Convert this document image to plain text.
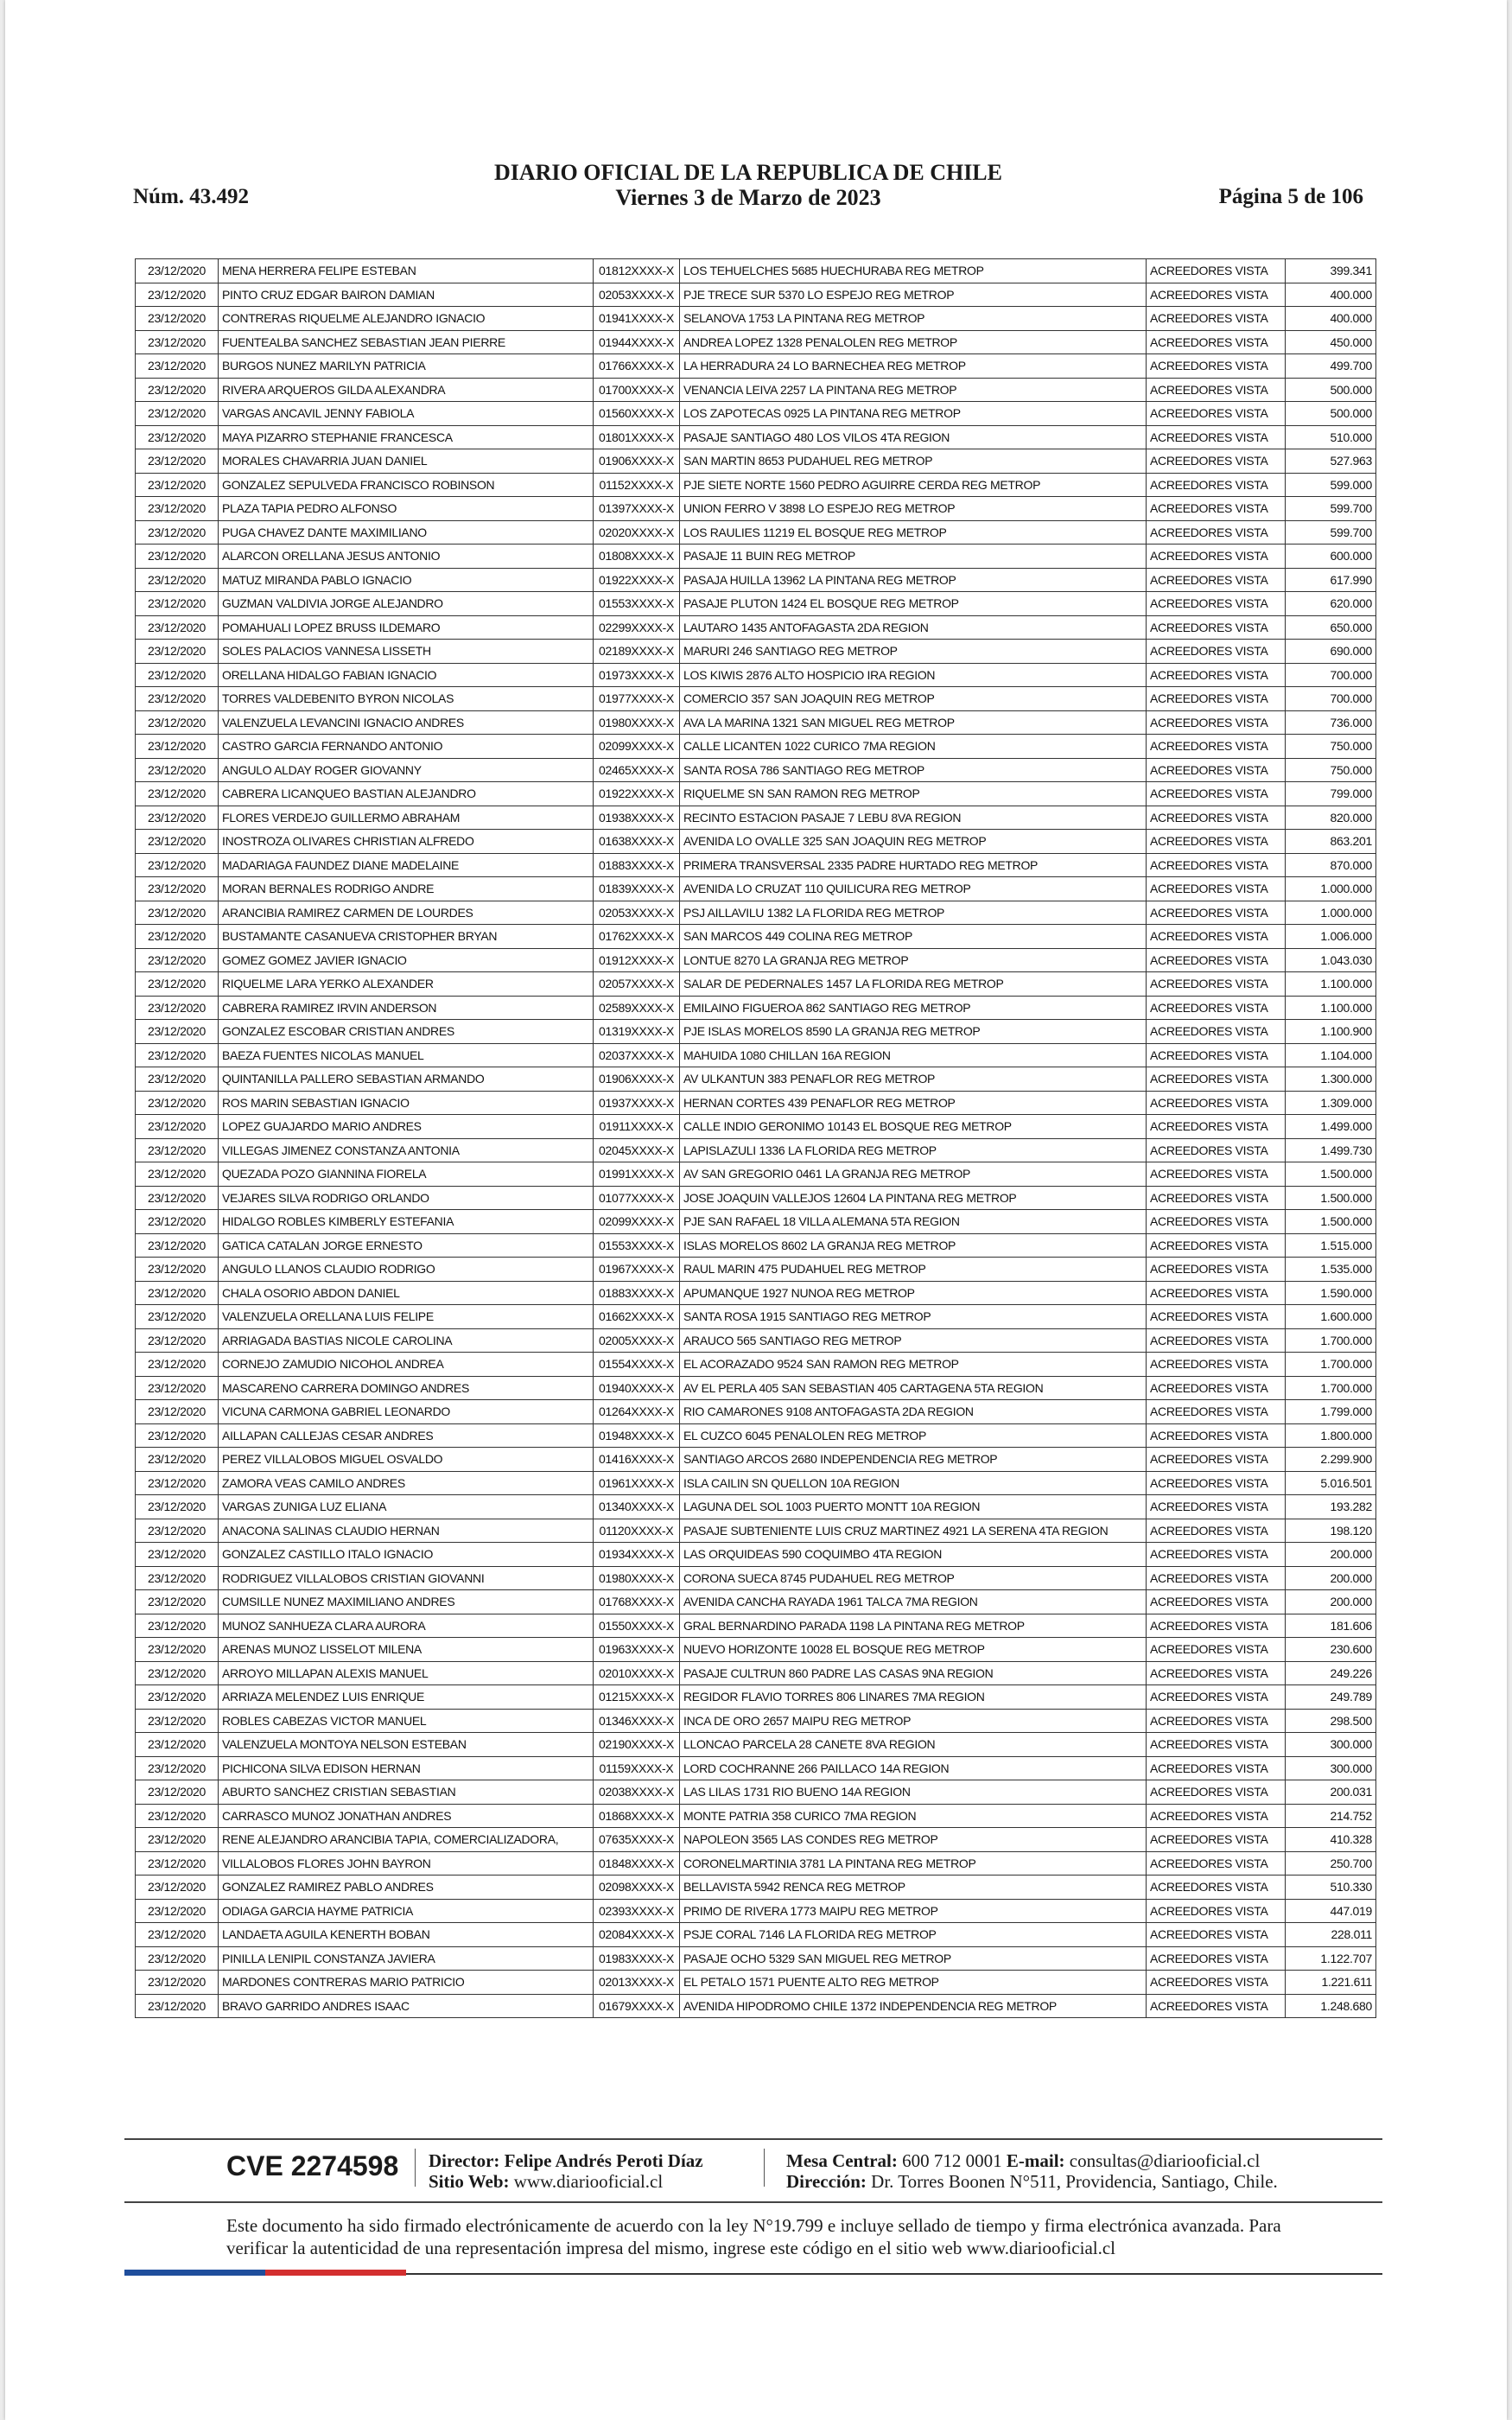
Núm. 43.492
DIARIO OFICIAL DE LA REPUBLICA DE CHILE
Viernes 3 de Marzo de 2023	Página 5 de 106
23/12/2020	MENA HERRERA FELIPE ESTEBAN	01812XXXX-X	LOS TEHUELCHES 5685 HUECHURABA REG METROP	ACREEDORES VISTA	399.341
23/12/2020	PINTO CRUZ EDGAR BAIRON DAMIAN	02053XXXX-X	PJE TRECE SUR 5370 LO ESPEJO REG METROP	ACREEDORES VISTA	400.000
23/12/2020	CONTRERAS RIQUELME ALEJANDRO IGNACIO	01941XXXX-X	SELANOVA 1753 LA PINTANA REG METROP	ACREEDORES VISTA	400.000
23/12/2020	FUENTEALBA SANCHEZ SEBASTIAN JEAN PIERRE	01944XXXX-X	ANDREA LOPEZ 1328 PENALOLEN REG METROP	ACREEDORES VISTA	450.000
23/12/2020	BURGOS NUNEZ MARILYN PATRICIA	01766XXXX-X	LA HERRADURA 24 LO BARNECHEA REG METROP	ACREEDORES VISTA	499.700
23/12/2020	RIVERA ARQUEROS GILDA ALEXANDRA	01700XXXX-X	VENANCIA LEIVA 2257 LA PINTANA REG METROP	ACREEDORES VISTA	500.000
23/12/2020	VARGAS ANCAVIL JENNY FABIOLA	01560XXXX-X	LOS ZAPOTECAS 0925 LA PINTANA REG METROP	ACREEDORES VISTA	500.000
23/12/2020	MAYA PIZARRO STEPHANIE FRANCESCA	01801XXXX-X	PASAJE SANTIAGO 480 LOS VILOS 4TA REGION	ACREEDORES VISTA	510.000
23/12/2020	MORALES CHAVARRIA JUAN DANIEL	01906XXXX-X	SAN MARTIN 8653 PUDAHUEL REG METROP	ACREEDORES VISTA	527.963
23/12/2020	GONZALEZ SEPULVEDA FRANCISCO ROBINSON	01152XXXX-X	PJE SIETE NORTE 1560 PEDRO AGUIRRE CERDA REG METROP	ACREEDORES VISTA	599.000
23/12/2020	PLAZA TAPIA PEDRO ALFONSO	01397XXXX-X	UNION FERRO V 3898 LO ESPEJO REG METROP	ACREEDORES VISTA	599.700
23/12/2020	PUGA CHAVEZ DANTE MAXIMILIANO	02020XXXX-X	LOS RAULIES 11219 EL BOSQUE REG METROP	ACREEDORES VISTA	599.700
23/12/2020	ALARCON ORELLANA JESUS ANTONIO	01808XXXX-X	PASAJE 11 BUIN REG METROP	ACREEDORES VISTA	600.000
23/12/2020	MATUZ MIRANDA PABLO IGNACIO	01922XXXX-X	PASAJA HUILLA 13962 LA PINTANA REG METROP	ACREEDORES VISTA	617.990
23/12/2020	GUZMAN VALDIVIA JORGE ALEJANDRO	01553XXXX-X	PASAJE PLUTON 1424 EL BOSQUE REG METROP	ACREEDORES VISTA	620.000
23/12/2020	POMAHUALI LOPEZ BRUSS ILDEMARO	02299XXXX-X	LAUTARO 1435 ANTOFAGASTA 2DA REGION	ACREEDORES VISTA	650.000
23/12/2020	SOLES PALACIOS VANNESA LISSETH	02189XXXX-X	MARURI 246 SANTIAGO REG METROP	ACREEDORES VISTA	690.000
23/12/2020	ORELLANA HIDALGO FABIAN IGNACIO	01973XXXX-X	LOS KIWIS 2876 ALTO HOSPICIO IRA REGION	ACREEDORES VISTA	700.000
23/12/2020	TORRES VALDEBENITO BYRON NICOLAS	01977XXXX-X	COMERCIO 357 SAN JOAQUIN REG METROP	ACREEDORES VISTA	700.000
23/12/2020	VALENZUELA LEVANCINI IGNACIO ANDRES	01980XXXX-X	AVA LA MARINA 1321 SAN MIGUEL REG METROP	ACREEDORES VISTA	736.000
23/12/2020	CASTRO GARCIA FERNANDO ANTONIO	02099XXXX-X	CALLE LICANTEN 1022 CURICO 7MA REGION	ACREEDORES VISTA	750.000
23/12/2020	ANGULO ALDAY ROGER GIOVANNY	02465XXXX-X	SANTA ROSA 786 SANTIAGO REG METROP	ACREEDORES VISTA	750.000
23/12/2020	CABRERA LICANQUEO BASTIAN ALEJANDRO	01922XXXX-X	RIQUELME SN SAN RAMON REG METROP	ACREEDORES VISTA	799.000
23/12/2020	FLORES VERDEJO GUILLERMO ABRAHAM	01938XXXX-X	RECINTO ESTACION PASAJE 7 LEBU 8VA REGION	ACREEDORES VISTA	820.000
23/12/2020	INOSTROZA OLIVARES CHRISTIAN ALFREDO	01638XXXX-X	AVENIDA LO OVALLE 325 SAN JOAQUIN REG METROP	ACREEDORES VISTA	863.201
23/12/2020	MADARIAGA FAUNDEZ DIANE MADELAINE	01883XXXX-X	PRIMERA TRANSVERSAL 2335 PADRE HURTADO REG METROP	ACREEDORES VISTA	870.000
23/12/2020	MORAN BERNALES RODRIGO ANDRE	01839XXXX-X	AVENIDA LO CRUZAT 110 QUILICURA REG METROP	ACREEDORES VISTA	1.000.000
23/12/2020	ARANCIBIA RAMIREZ CARMEN DE LOURDES	02053XXXX-X	PSJ AILLAVILU 1382 LA FLORIDA REG METROP	ACREEDORES VISTA	1.000.000
23/12/2020	BUSTAMANTE CASANUEVA CRISTOPHER BRYAN	01762XXXX-X	SAN MARCOS 449 COLINA REG METROP	ACREEDORES VISTA	1.006.000
23/12/2020	GOMEZ GOMEZ JAVIER IGNACIO	01912XXXX-X	LONTUE 8270 LA GRANJA REG METROP	ACREEDORES VISTA	1.043.030
23/12/2020	RIQUELME LARA YERKO ALEXANDER	02057XXXX-X	SALAR DE PEDERNALES 1457 LA FLORIDA REG METROP	ACREEDORES VISTA	1.100.000
23/12/2020	CABRERA RAMIREZ IRVIN ANDERSON	02589XXXX-X	EMILAINO FIGUEROA 862 SANTIAGO REG METROP	ACREEDORES VISTA	1.100.000
23/12/2020	GONZALEZ ESCOBAR CRISTIAN ANDRES	01319XXXX-X	PJE ISLAS MORELOS 8590 LA GRANJA REG METROP	ACREEDORES VISTA	1.100.900
23/12/2020	BAEZA FUENTES NICOLAS MANUEL	02037XXXX-X	MAHUIDA 1080 CHILLAN 16A REGION	ACREEDORES VISTA	1.104.000
23/12/2020	QUINTANILLA PALLERO SEBASTIAN ARMANDO	01906XXXX-X	AV ULKANTUN 383 PENAFLOR REG METROP	ACREEDORES VISTA	1.300.000
23/12/2020	ROS MARIN SEBASTIAN IGNACIO	01937XXXX-X	HERNAN CORTES 439 PENAFLOR REG METROP	ACREEDORES VISTA	1.309.000
23/12/2020	LOPEZ GUAJARDO MARIO ANDRES	01911XXXX-X	CALLE INDIO GERONIMO 10143 EL BOSQUE REG METROP	ACREEDORES VISTA	1.499.000
23/12/2020	VILLEGAS JIMENEZ CONSTANZA ANTONIA	02045XXXX-X	LAPISLAZULI 1336 LA FLORIDA REG METROP	ACREEDORES VISTA	1.499.730
23/12/2020	QUEZADA POZO GIANNINA FIORELA	01991XXXX-X	AV SAN GREGORIO 0461 LA GRANJA REG METROP	ACREEDORES VISTA	1.500.000
23/12/2020	VEJARES SILVA RODRIGO ORLANDO	01077XXXX-X	JOSE JOAQUIN VALLEJOS 12604 LA PINTANA REG METROP	ACREEDORES VISTA	1.500.000
23/12/2020	HIDALGO ROBLES KIMBERLY ESTEFANIA	02099XXXX-X	PJE SAN RAFAEL 18 VILLA ALEMANA 5TA REGION	ACREEDORES VISTA	1.500.000
23/12/2020	GATICA CATALAN JORGE ERNESTO	01553XXXX-X	ISLAS MORELOS 8602 LA GRANJA REG METROP	ACREEDORES VISTA	1.515.000
23/12/2020	ANGULO LLANOS CLAUDIO RODRIGO	01967XXXX-X	RAUL MARIN 475 PUDAHUEL REG METROP	ACREEDORES VISTA	1.535.000
23/12/2020	CHALA OSORIO ABDON DANIEL	01883XXXX-X	APUMANQUE 1927 NUNOA REG METROP	ACREEDORES VISTA	1.590.000
23/12/2020	VALENZUELA ORELLANA LUIS FELIPE	01662XXXX-X	SANTA ROSA 1915 SANTIAGO REG METROP	ACREEDORES VISTA	1.600.000
23/12/2020	ARRIAGADA BASTIAS NICOLE CAROLINA	02005XXXX-X	ARAUCO 565 SANTIAGO REG METROP	ACREEDORES VISTA	1.700.000
23/12/2020	CORNEJO ZAMUDIO NICOHOL ANDREA	01554XXXX-X	EL ACORAZADO 9524 SAN RAMON REG METROP	ACREEDORES VISTA	1.700.000
23/12/2020	MASCARENO CARRERA DOMINGO ANDRES	01940XXXX-X	AV EL PERLA 405 SAN SEBASTIAN 405 CARTAGENA 5TA REGION	ACREEDORES VISTA	1.700.000
23/12/2020	VICUNA CARMONA GABRIEL LEONARDO	01264XXXX-X	RIO CAMARONES 9108 ANTOFAGASTA 2DA REGION	ACREEDORES VISTA	1.799.000
23/12/2020	AILLAPAN CALLEJAS CESAR ANDRES	01948XXXX-X	EL CUZCO 6045 PENALOLEN REG METROP	ACREEDORES VISTA	1.800.000
23/12/2020	PEREZ VILLALOBOS MIGUEL OSVALDO	01416XXXX-X	SANTIAGO ARCOS 2680 INDEPENDENCIA REG METROP	ACREEDORES VISTA	2.299.900
23/12/2020	ZAMORA VEAS CAMILO ANDRES	01961XXXX-X	ISLA CAILIN SN QUELLON 10A REGION	ACREEDORES VISTA	5.016.501
23/12/2020	VARGAS ZUNIGA LUZ ELIANA	01340XXXX-X	LAGUNA DEL SOL 1003 PUERTO MONTT 10A REGION	ACREEDORES VISTA	193.282
23/12/2020	ANACONA SALINAS CLAUDIO HERNAN	01120XXXX-X	PASAJE SUBTENIENTE LUIS CRUZ MARTINEZ 4921 LA SERENA 4TA REGION	ACREEDORES VISTA	198.120
23/12/2020	GONZALEZ CASTILLO ITALO IGNACIO	01934XXXX-X	LAS ORQUIDEAS 590 COQUIMBO 4TA REGION	ACREEDORES VISTA	200.000
23/12/2020	RODRIGUEZ VILLALOBOS CRISTIAN GIOVANNI	01980XXXX-X	CORONA SUECA 8745 PUDAHUEL REG METROP	ACREEDORES VISTA	200.000
23/12/2020	CUMSILLE NUNEZ MAXIMILIANO ANDRES	01768XXXX-X	AVENIDA CANCHA RAYADA 1961 TALCA 7MA REGION	ACREEDORES VISTA	200.000
23/12/2020	MUNOZ SANHUEZA CLARA AURORA	01550XXXX-X	GRAL BERNARDINO PARADA 1198 LA PINTANA REG METROP	ACREEDORES VISTA	181.606
23/12/2020	ARENAS MUNOZ LISSELOT MILENA	01963XXXX-X	NUEVO HORIZONTE 10028 EL BOSQUE REG METROP	ACREEDORES VISTA	230.600
23/12/2020	ARROYO MILLAPAN ALEXIS MANUEL	02010XXXX-X	PASAJE CULTRUN 860 PADRE LAS CASAS 9NA REGION	ACREEDORES VISTA	249.226
23/12/2020	ARRIAZA MELENDEZ LUIS ENRIQUE	01215XXXX-X	REGIDOR FLAVIO TORRES 806 LINARES 7MA REGION	ACREEDORES VISTA	249.789
23/12/2020	ROBLES CABEZAS VICTOR MANUEL	01346XXXX-X	INCA DE ORO 2657 MAIPU REG METROP	ACREEDORES VISTA	298.500
23/12/2020	VALENZUELA MONTOYA NELSON ESTEBAN	02190XXXX-X	LLONCAO PARCELA 28 CANETE 8VA REGION	ACREEDORES VISTA	300.000
23/12/2020	PICHICONA SILVA EDISON HERNAN	01159XXXX-X	LORD COCHRANNE 266 PAILLACO 14A REGION	ACREEDORES VISTA	300.000
23/12/2020	ABURTO SANCHEZ CRISTIAN SEBASTIAN	02038XXXX-X	LAS LILAS 1731 RIO BUENO 14A REGION	ACREEDORES VISTA	200.031
23/12/2020	CARRASCO MUNOZ JONATHAN ANDRES	01868XXXX-X	MONTE PATRIA 358 CURICO 7MA REGION	ACREEDORES VISTA	214.752
23/12/2020	RENE ALEJANDRO ARANCIBIA TAPIA, COMERCIALIZADORA,	07635XXXX-X	NAPOLEON 3565 LAS CONDES REG METROP	ACREEDORES VISTA	410.328
23/12/2020	VILLALOBOS FLORES JOHN BAYRON	01848XXXX-X	CORONELMARTINIA 3781 LA PINTANA REG METROP	ACREEDORES VISTA	250.700
23/12/2020	GONZALEZ RAMIREZ PABLO ANDRES	02098XXXX-X	BELLAVISTA 5942 RENCA REG METROP	ACREEDORES VISTA	510.330
23/12/2020	ODIAGA GARCIA HAYME PATRICIA	02393XXXX-X	PRIMO DE RIVERA 1773 MAIPU REG METROP	ACREEDORES VISTA	447.019
23/12/2020	LANDAETA AGUILA KENERTH BOBAN	02084XXXX-X	PSJE CORAL 7146 LA FLORIDA REG METROP	ACREEDORES VISTA	228.011
23/12/2020	PINILLA LENIPIL CONSTANZA JAVIERA	01983XXXX-X	PASAJE OCHO 5329 SAN MIGUEL REG METROP	ACREEDORES VISTA	1.122.707
23/12/2020	MARDONES CONTRERAS MARIO PATRICIO	02013XXXX-X	EL PETALO 1571 PUENTE ALTO REG METROP	ACREEDORES VISTA	1.221.611
23/12/2020	BRAVO GARRIDO ANDRES ISAAC	01679XXXX-X	AVENIDA HIPODROMO CHILE 1372 INDEPENDENCIA REG METROP	ACREEDORES VISTA	1.248.680
CVE 2274598 Director: Felipe Andrés Peroti Díaz
Sitio Web: www.diariooficial.cl
Mesa Central: 600 712 0001 E-mail: consultas@diariooficial.cl
Dirección: Dr. Torres Boonen N°511, Providencia, Santiago, Chile.
Este documento ha sido firmado electrónicamente de acuerdo con la ley N°19.799 e incluye sellado de tiempo y firma electrónica avanzada. Para verificar la autenticidad de una representación impresa del mismo, ingrese este código en el sitio web www.diariooficial.cl
